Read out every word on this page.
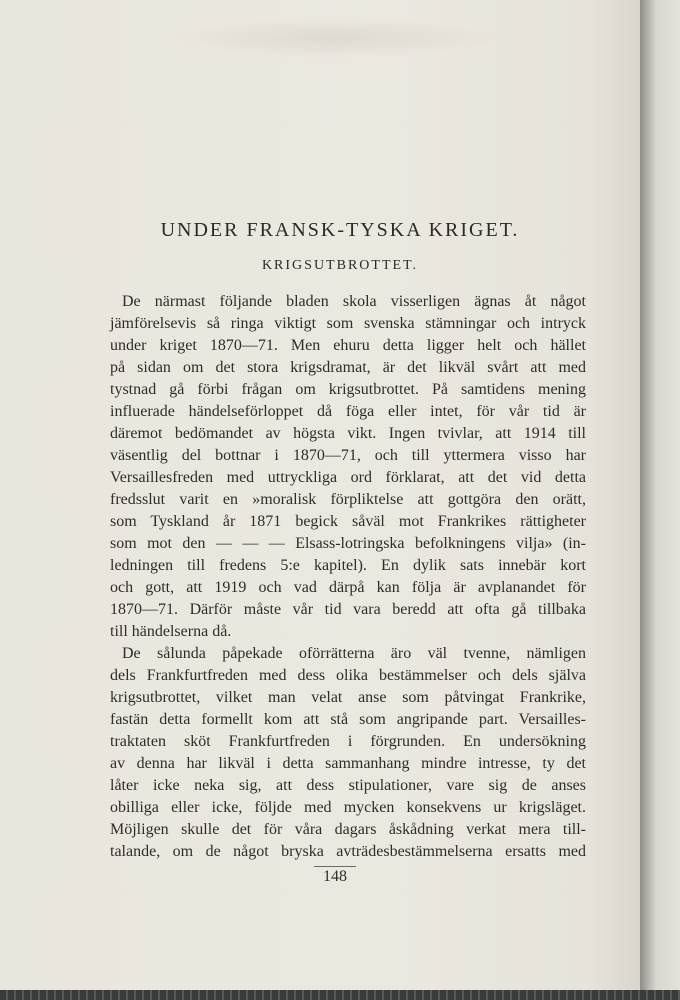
UNDER FRANSK-TYSKA KRIGET.
KRIGSUTBROTTET.
De närmast följande bladen skola visserligen ägnas åt något
jämförelsevis så ringa viktigt som svenska stämningar och intryck
under kriget 1870—71. Men ehuru detta ligger helt och hället
på sidan om det stora krigsdramat, är det likväl svårt att med
tystnad gå förbi frågan om krigsutbrottet. På samtidens mening
influerade händelseförloppet då föga eller intet, för vår tid är
däremot bedömandet av högsta vikt. Ingen tvivlar, att 1914 till
väsentlig del bottnar i 1870—71, och till yttermera visso har
Versaillesfreden med uttryckliga ord förklarat, att det vid detta
fredsslut varit en »moralisk förpliktelse att gottgöra den orätt,
som Tyskland år 1871 begick såväl mot Frankrikes rättigheter
som mot den — — — Elsass-lotringska befolkningens vilja» (in-
ledningen till fredens 5:e kapitel). En dylik sats innebär kort
och gott, att 1919 och vad därpå kan följa är avplanandet för
1870—71. Därför måste vår tid vara beredd att ofta gå tillbaka
till händelserna då.
De sålunda påpekade oförrätterna äro väl tvenne, nämligen
dels Frankfurtfreden med dess olika bestämmelser och dels själva
krigsutbrottet, vilket man velat anse som påtvingat Frankrike,
fastän detta formellt kom att stå som angripande part. Versailles-
traktaten sköt Frankfurtfreden i förgrunden. En undersökning
av denna har likväl i detta sammanhang mindre intresse, ty det
låter icke neka sig, att dess stipulationer, vare sig de anses
obilliga eller icke, följde med mycken konsekvens ur krigsläget.
Möjligen skulle det för våra dagars åskådning verkat mera till-
talande, om de något bryska avträdesbestämmelserna ersatts med
148
